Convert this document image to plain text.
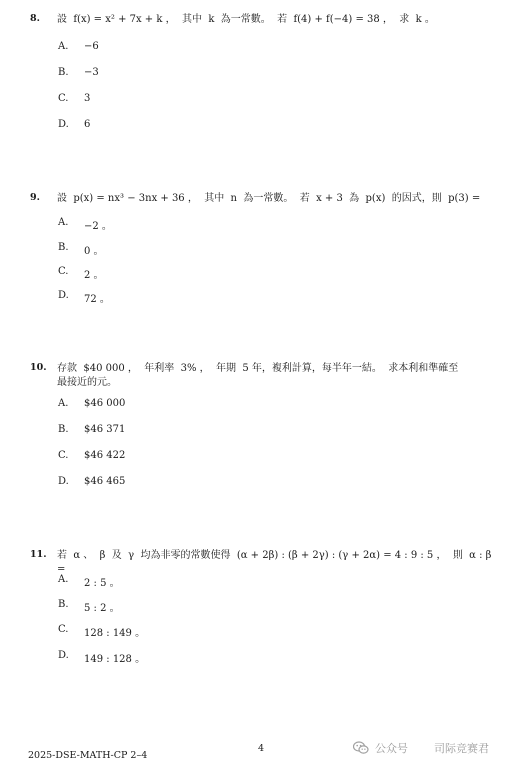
8. 設  f(x) = x² + 7x + k ，  其中  k  為一常數。  若  f(4) + f(−4) = 38 ，  求  k 。
A.	−6
B.	−3
C.	3
D.	6
9. 設  p(x) = nx³ − 3nx + 36 ，  其中  n  為一常數。  若  x + 3  為  p(x)  的因式，則  p(3) =
A.	−2 。
B.	0 。
C.	2 。
D.	72 。
10. 存款  $40 000 ，  年利率  3% ，  年期  5 年，複利計算，每半年一結。  求本利和準確至
最接近的元。
A.	$46 000
B.	$46 371
C.	$46 422
D.	$46 465
11. 若  α 、  β  及  γ  均為非零的常數使得  (α + 2β) : (β + 2γ) : (γ + 2α) = 4 : 9 : 5 ，  則  α : β =
A.	2 : 5 。
B.	5 : 2 。
C.	128 : 149 。
D.	149 : 128 。
2025-DSE-MATH-CP 2–4
4	公众号 司际竞赛君
